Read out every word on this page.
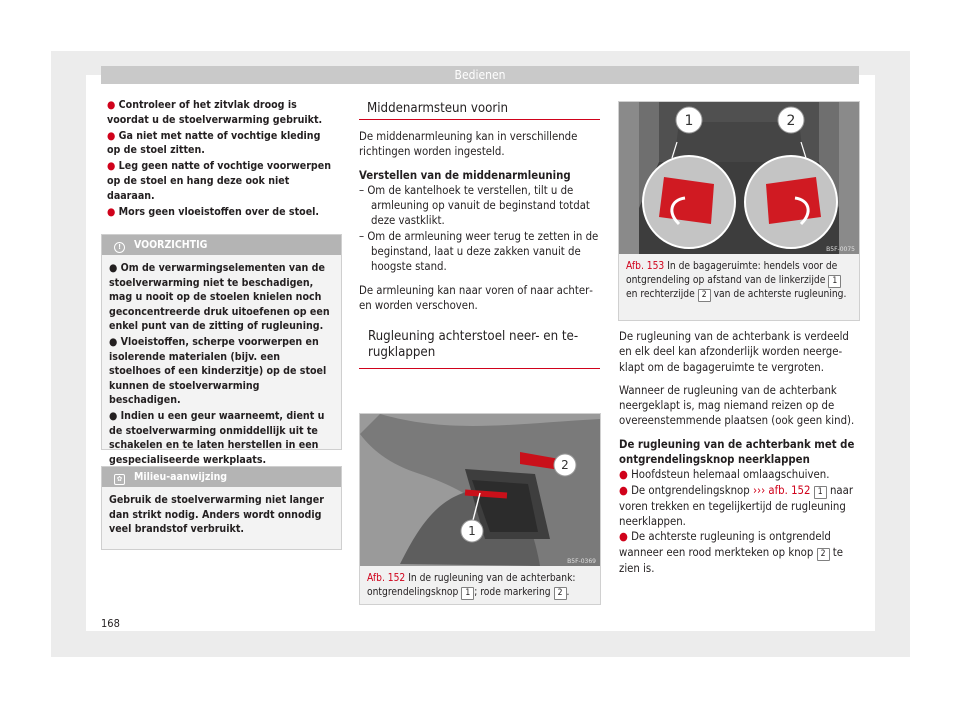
Bedienen

● Controleer of het zitvlak droog is voordat u de stoelverwarming gebruikt.

● Ga niet met natte of vochtige kleding op de stoel zitten.

● Leg geen natte of vochtige voorwerpen op de stoel en hang deze ook niet daaraan.

● Mors geen vloeistoffen over de stoel.

! VOORZICHTIG

● Om de verwarmingselementen van de stoelverwarming niet te beschadigen, mag u nooit op de stoelen knielen noch geconcentreerde druk uitoefenen op een enkel punt van de zitting of rugleuning.

● Vloeistoffen, scherpe voorwerpen en isolerende materialen (bijv. een stoelhoes of een kinderzitje) op de stoel kunnen de stoelverwarming beschadigen.

● Indien u een geur waarneemt, dient u de stoelverwarming onmiddellijk uit te schakelen en te laten herstellen in een gespecialiseerde werkplaats.

✿ Milieu-aanwijzing

Gebruik de stoelverwarming niet langer dan strikt nodig. Anders wordt onnodig veel brandstof verbruikt.

Middenarmsteun voorin

De middenarmleuning kan in verschillende richtingen worden ingesteld.

Verstellen van de middenarmleuning

– Om de kantelhoek te verstellen, tilt u de armleuning op vanuit de beginstand totdat deze vastklikt.

– Om de armleuning weer terug te zetten in de beginstand, laat u deze zakken vanuit de hoogste stand.

De armleuning kan naar voren of naar achteren worden verschoven.

Rugleuning achterstoel neer- en terugklappen
1
2
B5F-0369
Afb. 152 In de rugleuning van de achterbank: ontgrendelingsknop 1 ; rode markering 2 .
1	2
B5F-0075
Afb. 153 In de bagageruimte: hendels voor de ontgrendeling op afstand van de linkerzijde 1 en rechterzijde 2 van de achterste rugleuning.

De rugleuning van de achterbank is verdeeld en elk deel kan afzonderlijk worden neergeklapt om de bagageruimte te vergroten.

Wanneer de rugleuning van de achterbank neergeklapt is, mag niemand reizen op de overeenstemmende plaatsen (ook geen kind).

De rugleuning van de achterbank met de ontgrendelingsknop neerklappen

● Hoofdsteun helemaal omlaagschuiven.

● De ontgrendelingsknop ››› afb. 152 1 naar voren trekken en tegelijkertijd de rugleuning neerklappen.

● De achterste rugleuning is ontgrendeld wanneer een rood merkteken op knop 2 te zien is.

168
